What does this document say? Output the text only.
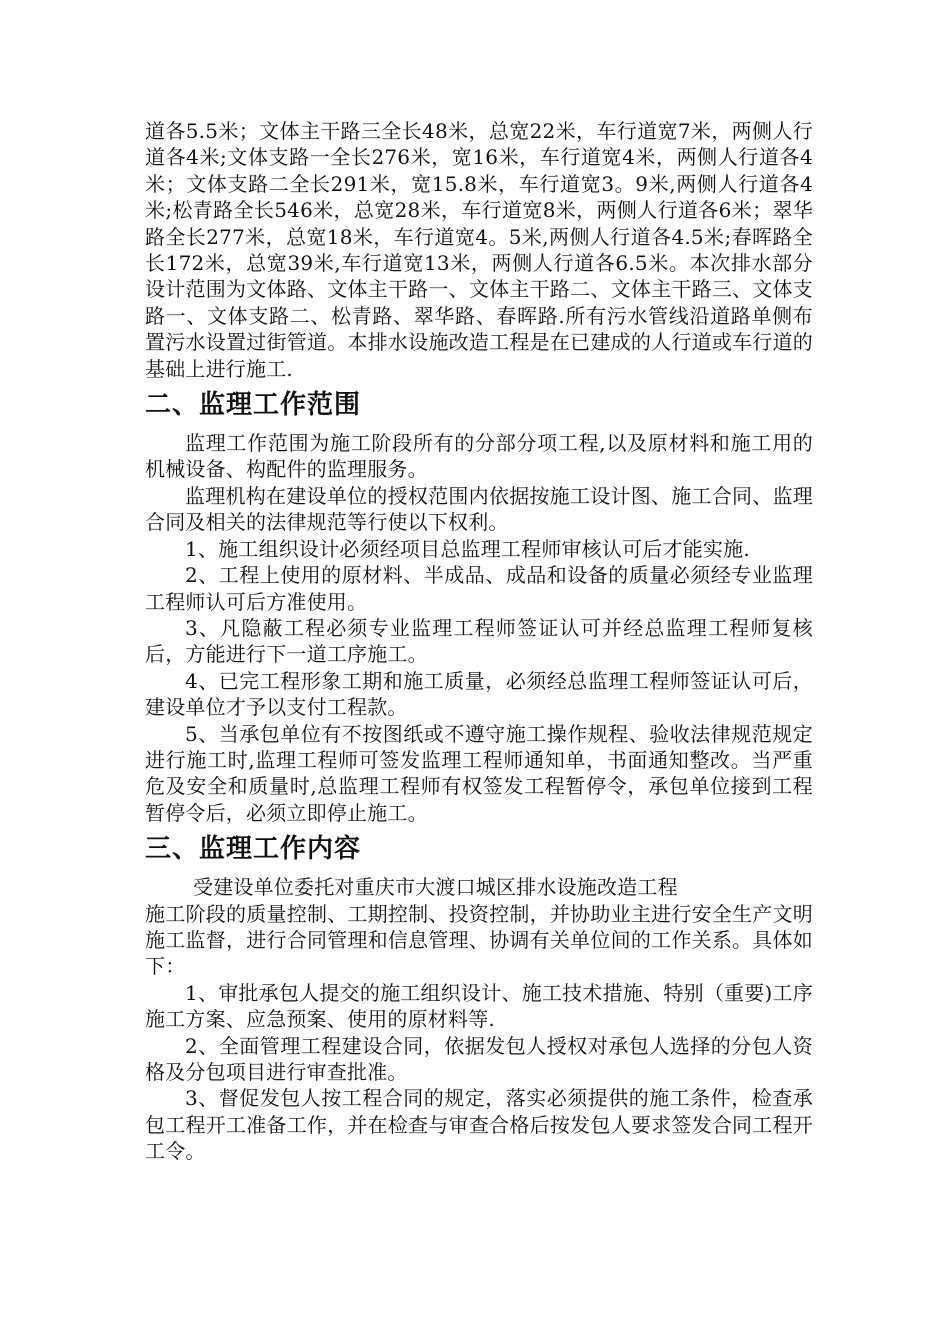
道各5.5米；文体主干路三全长48米，总宽22米，车行道宽7米，两侧人行道各4米;文体支路一全长276米，宽16米，车行道宽4米，两侧人行道各4米；文体支路二全长291米，宽15.8米，车行道宽3。9米,两侧人行道各4米;松青路全长546米，总宽28米，车行道宽8米，两侧人行道各6米；翠华路全长277米，总宽18米，车行道宽4。5米,两侧人行道各4.5米;春晖路全长172米，总宽39米,车行道宽13米，两侧人行道各6.5米。本次排水部分设计范围为文体路、文体主干路一、文体主干路二、文体主干路三、文体支路一、文体支路二、松青路、翠华路、春晖路.所有污水管线沿道路单侧布置污水设置过街管道。本排水设施改造工程是在已建成的人行道或车行道的基础上进行施工.

二、监理工作范围

监理工作范围为施工阶段所有的分部分项工程,以及原材料和施工用的机械设备、构配件的监理服务。

监理机构在建设单位的授权范围内依据按施工设计图、施工合同、监理合同及相关的法律规范等行使以下权利。

1、施工组织设计必须经项目总监理工程师审核认可后才能实施.

2、工程上使用的原材料、半成品、成品和设备的质量必须经专业监理工程师认可后方准使用。

3、凡隐蔽工程必须专业监理工程师签证认可并经总监理工程师复核后，方能进行下一道工序施工。

4、已完工程形象工期和施工质量，必须经总监理工程师签证认可后，建设单位才予以支付工程款。

5、当承包单位有不按图纸或不遵守施工操作规程、验收法律规范规定进行施工时,监理工程师可签发监理工程师通知单，书面通知整改。当严重危及安全和质量时,总监理工程师有权签发工程暂停令，承包单位接到工程暂停令后，必须立即停止施工。

三、监理工作内容

受建设单位委托对重庆市大渡口城区排水设施改造工程

施工阶段的质量控制、工期控制、投资控制，并协助业主进行安全生产文明施工监督，进行合同管理和信息管理、协调有关单位间的工作关系。具体如下：

1、审批承包人提交的施工组织设计、施工技术措施、特别（重要)工序施工方案、应急预案、使用的原材料等.

2、全面管理工程建设合同，依据发包人授权对承包人选择的分包人资格及分包项目进行审查批准。

3、督促发包人按工程合同的规定，落实必须提供的施工条件，检查承包工程开工准备工作，并在检查与审查合格后按发包人要求签发合同工程开工令。
